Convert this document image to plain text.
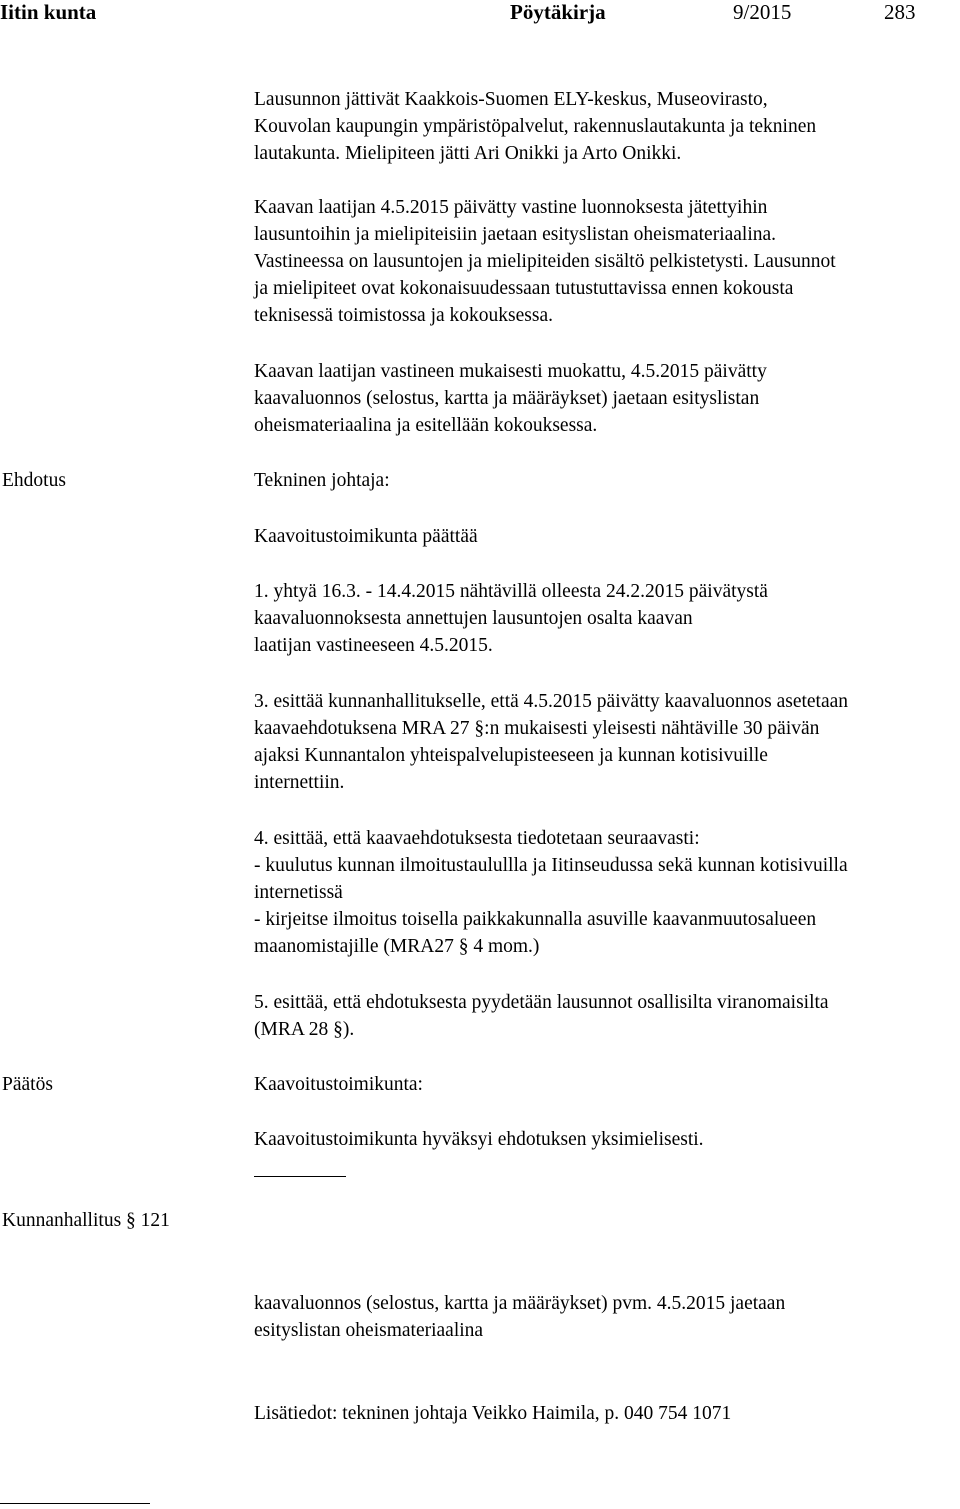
Iitin kunta	Pöytäkirja	9/2015	283
Lausunnon jättivät Kaakkois-Suomen ELY-keskus, Museovirasto,
Kouvolan kaupungin ympäristöpalvelut, rakennuslautakunta ja tekninen
lautakunta. Mielipiteen jätti Ari Onikki ja Arto Onikki.
Kaavan laatijan 4.5.2015 päivätty vastine luonnoksesta jätettyihin
lausuntoihin ja mielipiteisiin jaetaan esityslistan oheismateriaalina.
Vastineessa on lausuntojen ja mielipiteiden sisältö pelkistetysti. Lausunnot
ja mielipiteet ovat kokonaisuudessaan tutustuttavissa ennen kokousta
teknisessä toimistossa ja kokouksessa.
Kaavan laatijan vastineen mukaisesti muokattu, 4.5.2015 päivätty
kaavaluonnos (selostus, kartta ja määräykset) jaetaan esityslistan
oheismateriaalina ja esitellään kokouksessa.
Ehdotus	Tekninen johtaja:
Kaavoitustoimikunta päättää
1. yhtyä 16.3. - 14.4.2015 nähtävillä olleesta 24.2.2015 päivätystä
kaavaluonnoksesta annettujen lausuntojen osalta kaavan
laatijan vastineeseen 4.5.2015.
3. esittää kunnanhallitukselle, että 4.5.2015 päivätty kaavaluonnos asetetaan
kaavaehdotuksena MRA 27 §:n mukaisesti yleisesti nähtäville 30 päivän
ajaksi Kunnantalon yhteispalvelupisteeseen ja kunnan kotisivuille
internettiin.
4. esittää, että kaavaehdotuksesta tiedotetaan seuraavasti:
- kuulutus kunnan ilmoitustaulullla ja Iitinseudussa sekä kunnan kotisivuilla
internetissä
- kirjeitse ilmoitus toisella paikkakunnalla asuville kaavanmuutosalueen
maanomistajille (MRA27 § 4 mom.)
5. esittää, että ehdotuksesta pyydetään lausunnot osallisilta viranomaisilta
(MRA 28 §).
Päätös	Kaavoitustoimikunta:
Kaavoitustoimikunta hyväksyi ehdotuksen yksimielisesti.
Kunnanhallitus § 121
kaavaluonnos (selostus, kartta ja määräykset) pvm. 4.5.2015 jaetaan
esityslistan oheismateriaalina
Lisätiedot: tekninen johtaja Veikko Haimila, p. 040 754 1071
